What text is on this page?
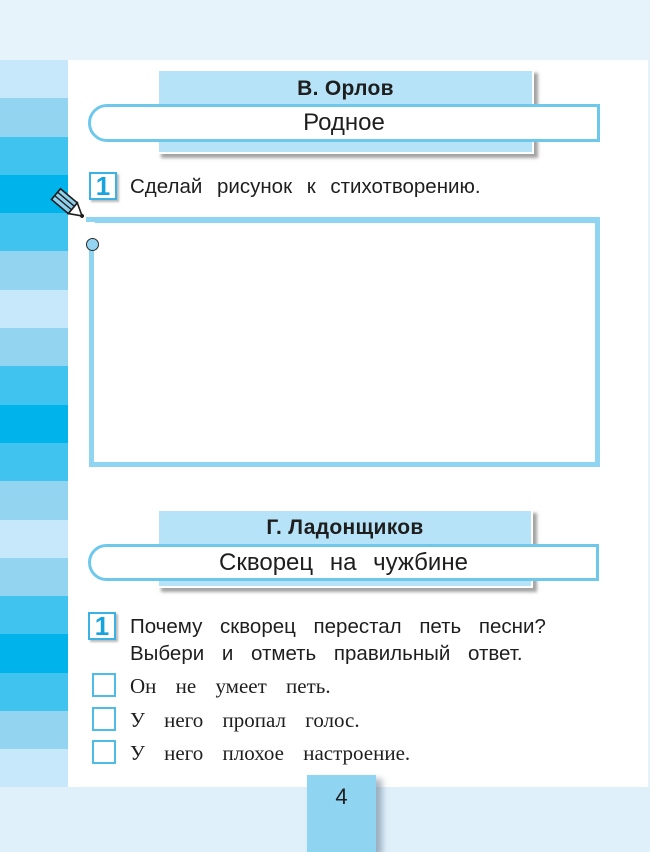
В. Орлов
Родное
1 Сделай рисунок к стихотворению.
Г. Ладонщиков
Скворец на чужбине
1	Почему скворец перестал петь песни?
Выбери и отметь правильный ответ.
Он не умеет петь.
У него пропал голос.
У него плохое настроение.
4
